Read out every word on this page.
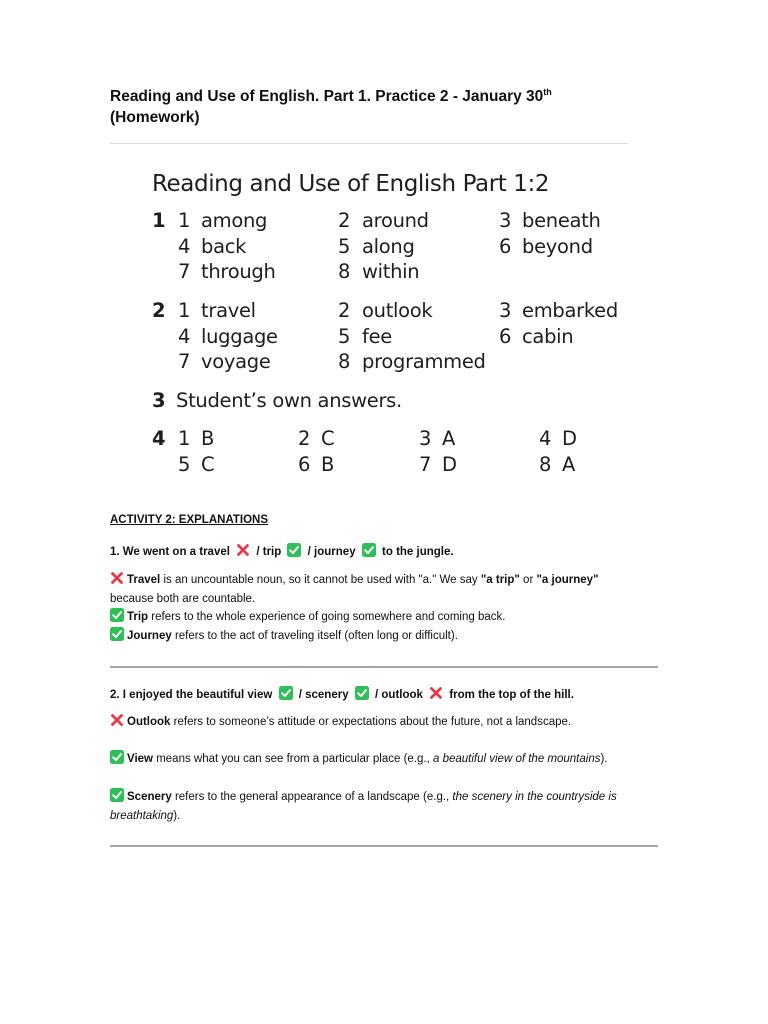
Reading and Use of English. Part 1. Practice 2 - January 30th
(Homework)
Reading and Use of English Part 1:2
1 1 among	2 around	3 beneath
4 back	5 along	6 beyond
7 through	8 within
2 1 travel	2 outlook	3 embarked
4 luggage	5 fee	6 cabin
7 voyage	8 programmed
3 Student’s own answers.
4 1 B	2 C	3 A	4 D
5 C	6 B	7 D	8 A
ACTIVITY 2: EXPLANATIONS
1. We went on a travel / trip / journey to the jungle.
Travel is an uncountable noun, so it cannot be used with "a." We say "a trip" or "a journey" because both are countable.
Trip refers to the whole experience of going somewhere and coming back.
Journey refers to the act of traveling itself (often long or difficult).
2. I enjoyed the beautiful view / scenery / outlook from the top of the hill.
Outlook refers to someone’s attitude or expectations about the future, not a landscape.
View means what you can see from a particular place (e.g., a beautiful view of the mountains).
Scenery refers to the general appearance of a landscape (e.g., the scenery in the countryside is breathtaking).
